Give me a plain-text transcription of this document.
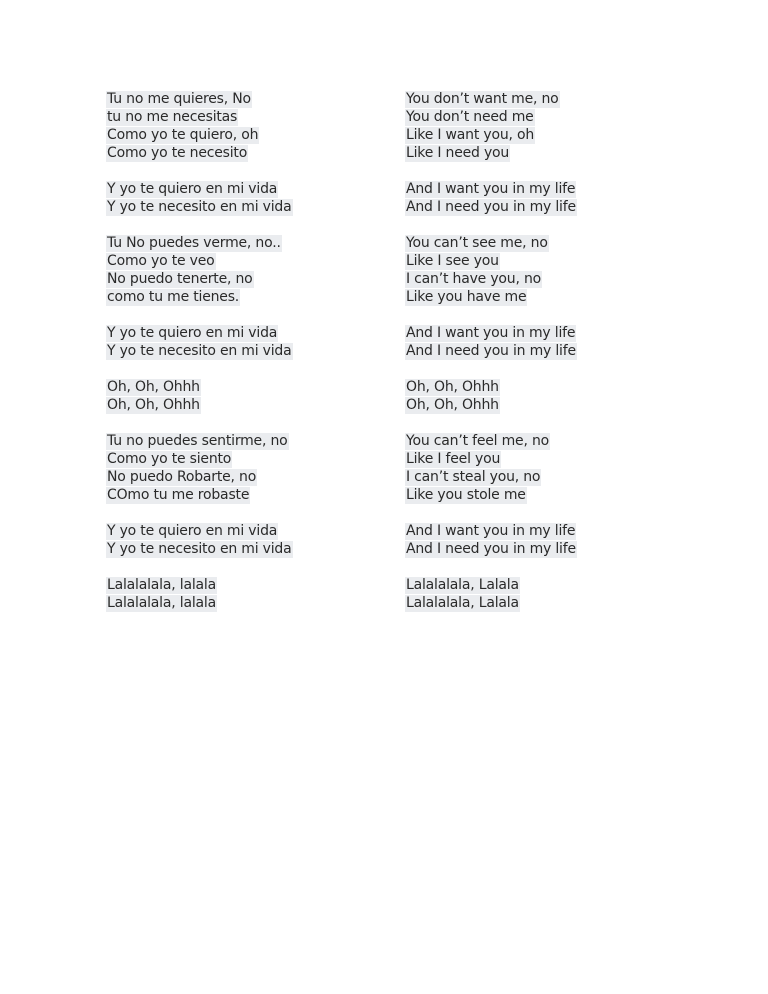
Tu no me quieres, No
tu no me necesitas
Como yo te quiero, oh
Como yo te necesito
Y yo te quiero en mi vida
Y yo te necesito en mi vida
Tu No puedes verme, no..
Como yo te veo
No puedo tenerte, no
como tu me tienes.
Y yo te quiero en mi vida
Y yo te necesito en mi vida
Oh, Oh, Ohhh
Oh, Oh, Ohhh
Tu no puedes sentirme, no
Como yo te siento
No puedo Robarte, no
COmo tu me robaste
Y yo te quiero en mi vida
Y yo te necesito en mi vida
Lalalalala, lalala
Lalalalala, lalala
You don’t want me, no
You don’t need me
Like I want you, oh
Like I need you
And I want you in my life
And I need you in my life
You can’t see me, no
Like I see you
I can’t have you, no
Like you have me
And I want you in my life
And I need you in my life
Oh, Oh, Ohhh
Oh, Oh, Ohhh
You can’t feel me, no
Like I feel you
I can’t steal you, no
Like you stole me
And I want you in my life
And I need you in my life
Lalalalala, Lalala
Lalalalala, Lalala
